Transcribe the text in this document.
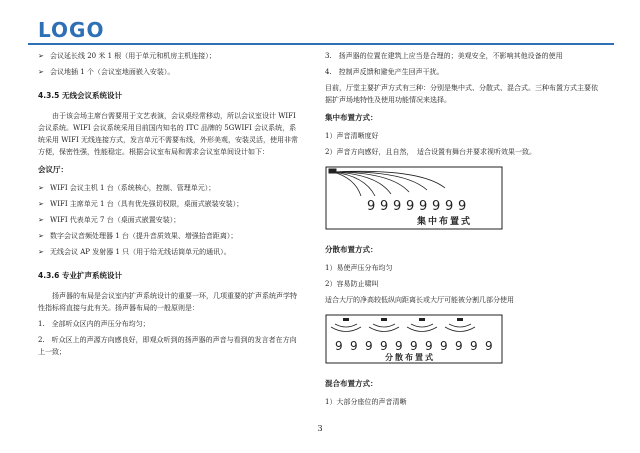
LOGO
➢ 会议延长线 20 米 1 根（用于单元和机房主机连接）；
➢ 会议地插 1 个（会议室地面嵌入安装）。
4.3.5 无线会议系统设计

由于该会场主席台需要用于文艺表演，会议桌经常移动，所以会议室设计 WIFI 会议系统。WIFI 会议系统采用目前国内知名的 ITC 品牌的 5GWIFI 会议系统，系统采用 WIFI 无线连接方式，发言单元不需要布线，外形美观，安装灵活，使用非常方便，保密性强，性能稳定。根据会议室布局和需求会议室单间设计如下：

会议厅：
➢ WIFI 会议主机 1 台（系统核心，控制、管理单元）；
➢ WIFI 主席单元 1 台（具有优先强切权限，桌面式嵌装安装）；
➢ WIFI 代表单元 7 台（桌面式嵌置安装）；
➢ 数字会议音频处理器 1 台（提升音质效果、增强拾音距离）；
➢ 无线会议 AP 发射器 1 只（用于给无线话筒单元的通讯）。
4.3.6 专业扩声系统设计

扬声器的布局是会议室内扩声系统设计的重要一环，几项重要的扩声系统声学特性指标将直接与此有关。扬声器布局的一般原则是：

1.　全部听众区内的声压分布均匀；

2.　听众区上的声源方向感良好，即观众听到的扬声器的声音与看到的发言者在方向上一致；

3.　扬声器的位置在建筑上应当是合理的；美观安全，不影响其他设备的使用

4.　控制声反馈和避免产生回声干扰。

目前，厅堂主要扩声方式有三种：分别是集中式、分散式、混合式。三种布置方式主要依据扩声场地特性及使用功能情况来选择。

集中布置方式：

1）声音清晰度好

2）声音方向感好，且自然，　适合设置有舞台并要求视听效果一致。

9 9 9 9 9 9 9 9
集中布置式
分散布置方式：

1）易使声压分布均匀

2）容易防止啸叫

适合大厅的净高较低纵向距离长或大厅可能被分割几部分使用

9 9 9 9 9 9 9 9 9 9 9
分散布置式
混合布置方式：

1）大部分座位的声音清晰

3
